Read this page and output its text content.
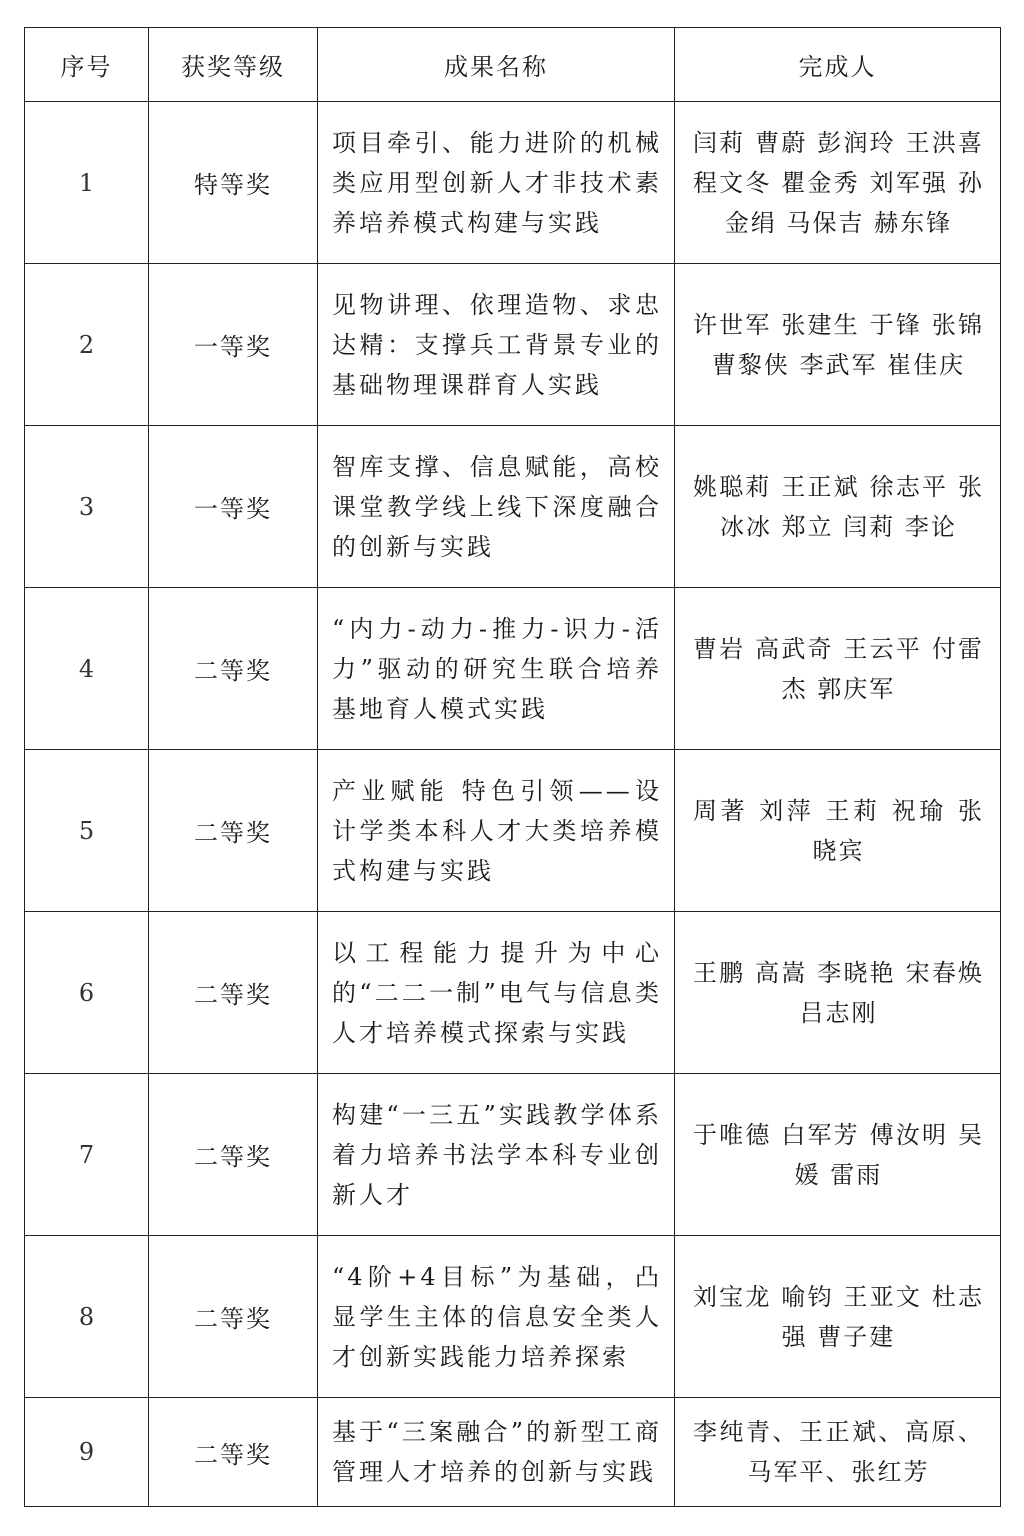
序号	获奖等级	成果名称	完成人
1	特等奖	项目牵引、能力进阶的机械类应用型创新人才非技术素养培养模式构建与实践	闫莉 曹蔚 彭润玲 王洪喜 程文冬 瞿金秀 刘军强 孙金绢 马保吉 赫东锋
2	一等奖	见物讲理、依理造物、求忠达精：支撑兵工背景专业的基础物理课群育人实践	许世军 张建生 于锋 张锦 曹黎侠 李武军 崔佳庆
3	一等奖	智库支撑、信息赋能，高校课堂教学线上线下深度融合的创新与实践	姚聪莉 王正斌 徐志平 张冰冰 郑立 闫莉 李论
4	二等奖	“内力-动力-推力-识力-活力”驱动的研究生联合培养基地育人模式实践	曹岩 高武奇 王云平 付雷杰 郭庆军
5	二等奖	产业赋能 特色引领——设计学类本科人才大类培养模式构建与实践	周著 刘萍 王莉 祝瑜 张晓宾
6	二等奖	以工程能力提升为中心的“二二一制”电气与信息类人才培养模式探索与实践	王鹏 高嵩 李晓艳 宋春焕 吕志刚
7	二等奖	构建“一三五”实践教学体系着力培养书法学本科专业创新人才	于唯德 白军芳 傅汝明 吴媛 雷雨
8	二等奖	“4阶+4目标”为基础，凸显学生主体的信息安全类人才创新实践能力培养探索	刘宝龙 喻钧 王亚文 杜志强 曹子建
9	二等奖	基于“三案融合”的新型工商管理人才培养的创新与实践	李纯青、王正斌、高原、马军平、张红芳
